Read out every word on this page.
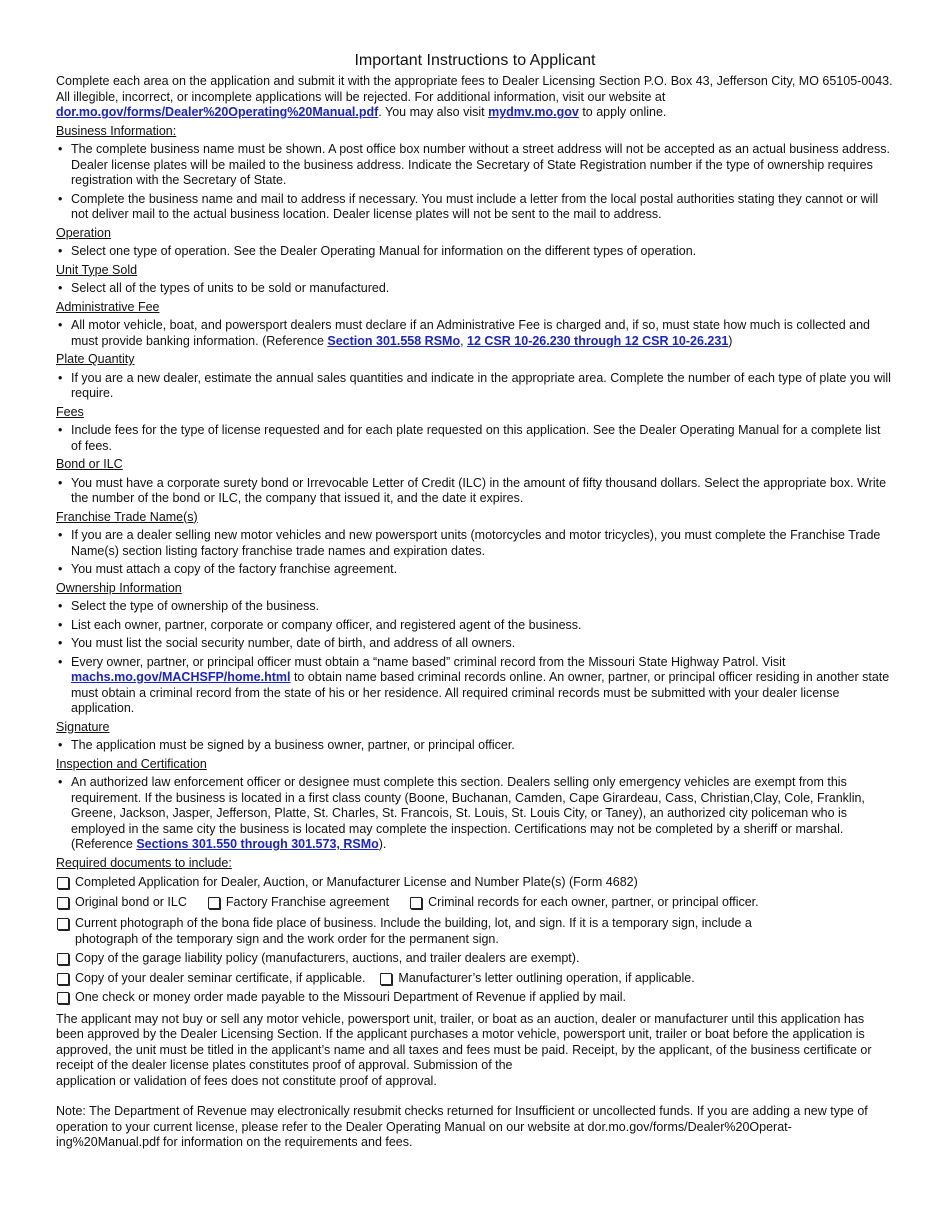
Important Instructions to Applicant

Complete each area on the application and submit it with the appropriate fees to Dealer Licensing Section P.O. Box 43, Jefferson City, MO 65105-0043. All illegible, incorrect, or incomplete applications will be rejected. For additional information, visit our website at dor.mo.gov/forms/Dealer%20Operating%20Manual.pdf. You may also visit mydmv.mo.gov to apply online.

Business Information:
• The complete business name must be shown. A post office box number without a street address will not be accepted as an actual business address. Dealer license plates will be mailed to the business address. Indicate the Secretary of State Registration number if the type of ownership requires registration with the Secretary of State.
• Complete the business name and mail to address if necessary. You must include a letter from the local postal authorities stating they cannot or will not deliver mail to the actual business location. Dealer license plates will not be sent to the mail to address.
Operation
• Select one type of operation. See the Dealer Operating Manual for information on the different types of operation.
Unit Type Sold
• Select all of the types of units to be sold or manufactured.
Administrative Fee
• All motor vehicle, boat, and powersport dealers must declare if an Administrative Fee is charged and, if so, must state how much is collected and must provide banking information. (Reference Section 301.558 RSMo, 12 CSR 10-26.230 through 12 CSR 10-26.231)
Plate Quantity
• If you are a new dealer, estimate the annual sales quantities and indicate in the appropriate area. Complete the number of each type of plate you will require.
Fees
• Include fees for the type of license requested and for each plate requested on this application. See the Dealer Operating Manual for a complete list of fees.
Bond or ILC
• You must have a corporate surety bond or Irrevocable Letter of Credit (ILC) in the amount of fifty thousand dollars. Select the appropriate box. Write the number of the bond or ILC, the company that issued it, and the date it expires.
Franchise Trade Name(s)
• If you are a dealer selling new motor vehicles and new powersport units (motorcycles and motor tricycles), you must complete the Franchise Trade Name(s) section listing factory franchise trade names and expiration dates.
• You must attach a copy of the factory franchise agreement.
Ownership Information
• Select the type of ownership of the business.
• List each owner, partner, corporate or company officer, and registered agent of the business.
• You must list the social security number, date of birth, and address of all owners.
• Every owner, partner, or principal officer must obtain a “name based” criminal record from the Missouri State Highway Patrol. Visit machs.mo.gov/MACHSFP/home.html to obtain name based criminal records online. An owner, partner, or principal officer residing in another state must obtain a criminal record from the state of his or her residence. All required criminal records must be submitted with your dealer license application.
Signature
• The application must be signed by a business owner, partner, or principal officer.
Inspection and Certification
• An authorized law enforcement officer or designee must complete this section. Dealers selling only emergency vehicles are exempt from this requirement. If the business is located in a first class county (Boone, Buchanan, Camden, Cape Girardeau, Cass, Christian,Clay, Cole, Franklin, Greene, Jackson, Jasper, Jefferson, Platte, St. Charles, St. Francois, St. Louis, St. Louis City, or Taney), an authorized city policeman who is employed in the same city the business is located may complete the inspection. Certifications may not be completed by a sheriff or marshal.(Reference Sections 301.550 through 301.573, RSMo).
Required documents to include:
Completed Application for Dealer, Auction, or Manufacturer License and Number Plate(s) (Form 4682)
Original bond or ILC	Factory Franchise agreement	Criminal records for each owner, partner, or principal officer.
Current photograph of the bona fide place of business. Include the building, lot, and sign. If it is a temporary sign, include a
photograph of the temporary sign and the work order for the permanent sign.
Copy of the garage liability policy (manufacturers, auctions, and trailer dealers are exempt).
Copy of your dealer seminar certificate, if applicable.	Manufacturer’s letter outlining operation, if applicable.
One check or money order made payable to the Missouri Department of Revenue if applied by mail.
The applicant may not buy or sell any motor vehicle, powersport unit, trailer, or boat as an auction, dealer or manufacturer until this application has been approved by the Dealer Licensing Section. If the applicant purchases a motor vehicle, powersport unit, trailer or boat before the application is approved, the unit must be titled in the applicant’s name and all taxes and fees must be paid. Receipt, by the applicant, of the business certificate or receipt of the dealer license plates constitutes proof of approval. Submission of the
application or validation of fees does not constitute proof of approval.

Note: The Department of Revenue may electronically resubmit checks returned for Insufficient or uncollected funds. If you are adding a new type of operation to your current license, please refer to the Dealer Operating Manual on our website at dor.mo.gov/forms/Dealer%20Operat-ing%20Manual.pdf for information on the requirements and fees.
